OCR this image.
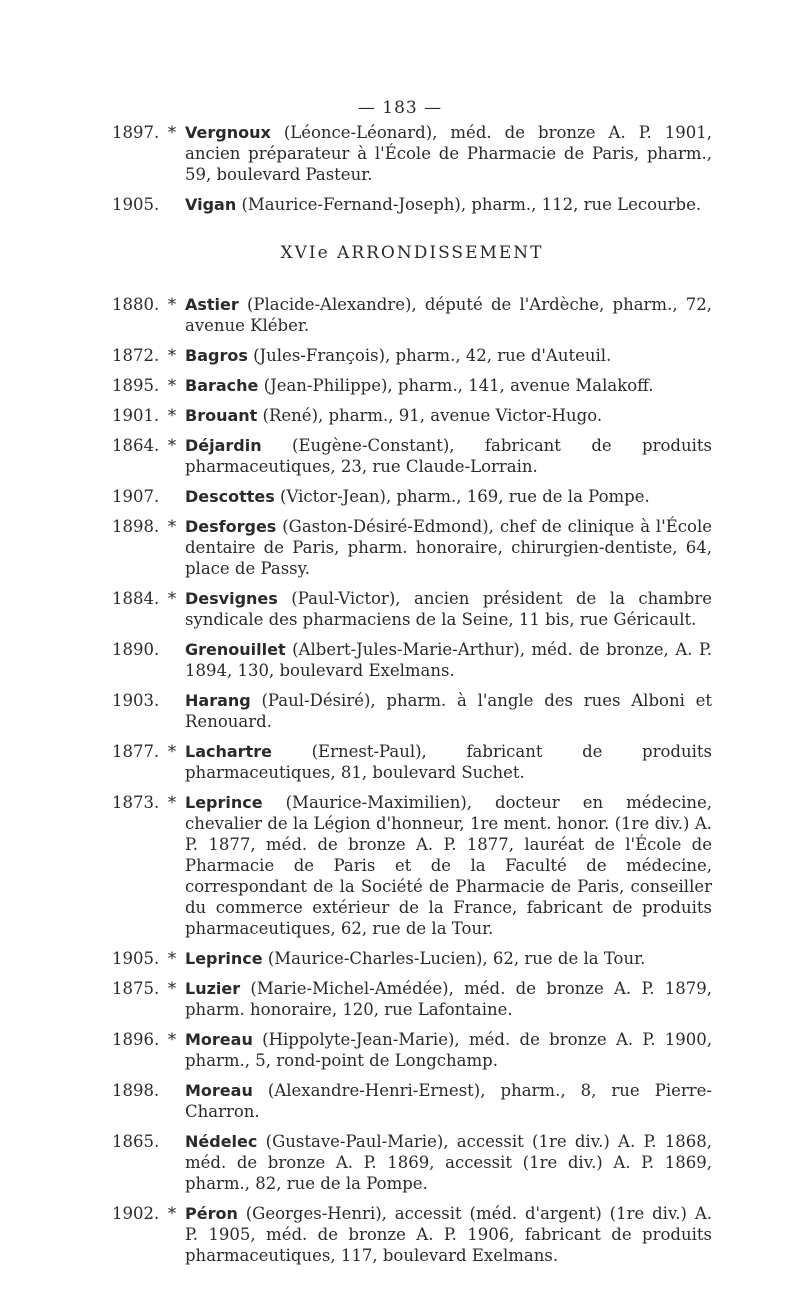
— 183 —
1897. * Vergnoux (Léonce-Léonard), méd. de bronze A. P. 1901, ancien préparateur à l'École de Pharmacie de Paris, pharm., 59, boulevard Pasteur.
1905. Vigan (Maurice-Fernand-Joseph), pharm., 112, rue Lecourbe.
XVIe ARRONDISSEMENT
1880. * Astier (Placide-Alexandre), député de l'Ardèche, pharm., 72, avenue Kléber.
1872. * Bagros (Jules-François), pharm., 42, rue d'Auteuil.
1895. * Barache (Jean-Philippe), pharm., 141, avenue Malakoff.
1901. * Brouant (René), pharm., 91, avenue Victor-Hugo.
1864. * Déjardin (Eugène-Constant), fabricant de produits pharmaceutiques, 23, rue Claude-Lorrain.
1907. Descottes (Victor-Jean), pharm., 169, rue de la Pompe.
1898. * Desforges (Gaston-Désiré-Edmond), chef de clinique à l'École dentaire de Paris, pharm. honoraire, chirurgien-dentiste, 64, place de Passy.
1884. * Desvignes (Paul-Victor), ancien président de la chambre syndicale des pharmaciens de la Seine, 11 bis, rue Géricault.
1890. Grenouillet (Albert-Jules-Marie-Arthur), méd. de bronze, A. P. 1894, 130, boulevard Exelmans.
1903. Harang (Paul-Désiré), pharm. à l'angle des rues Alboni et Renouard.
1877. * Lachartre (Ernest-Paul), fabricant de produits pharmaceutiques, 81, boulevard Suchet.
1873. * Leprince (Maurice-Maximilien), docteur en médecine, chevalier de la Légion d'honneur, 1re ment. honor. (1re div.) A. P. 1877, méd. de bronze A. P. 1877, lauréat de l'École de Pharmacie de Paris et de la Faculté de médecine, correspondant de la Société de Pharmacie de Paris, conseiller du commerce extérieur de la France, fabricant de produits pharmaceutiques, 62, rue de la Tour.
1905. * Leprince (Maurice-Charles-Lucien), 62, rue de la Tour.
1875. * Luzier (Marie-Michel-Amédée), méd. de bronze A. P. 1879, pharm. honoraire, 120, rue Lafontaine.
1896. * Moreau (Hippolyte-Jean-Marie), méd. de bronze A. P. 1900, pharm., 5, rond-point de Longchamp.
1898. Moreau (Alexandre-Henri-Ernest), pharm., 8, rue Pierre-Charron.
1865. Nédelec (Gustave-Paul-Marie), accessit (1re div.) A. P. 1868, méd. de bronze A. P. 1869, accessit (1re div.) A. P. 1869, pharm., 82, rue de la Pompe.
1902. * Péron (Georges-Henri), accessit (méd. d'argent) (1re div.) A. P. 1905, méd. de bronze A. P. 1906, fabricant de produits pharmaceutiques, 117, boulevard Exelmans.
